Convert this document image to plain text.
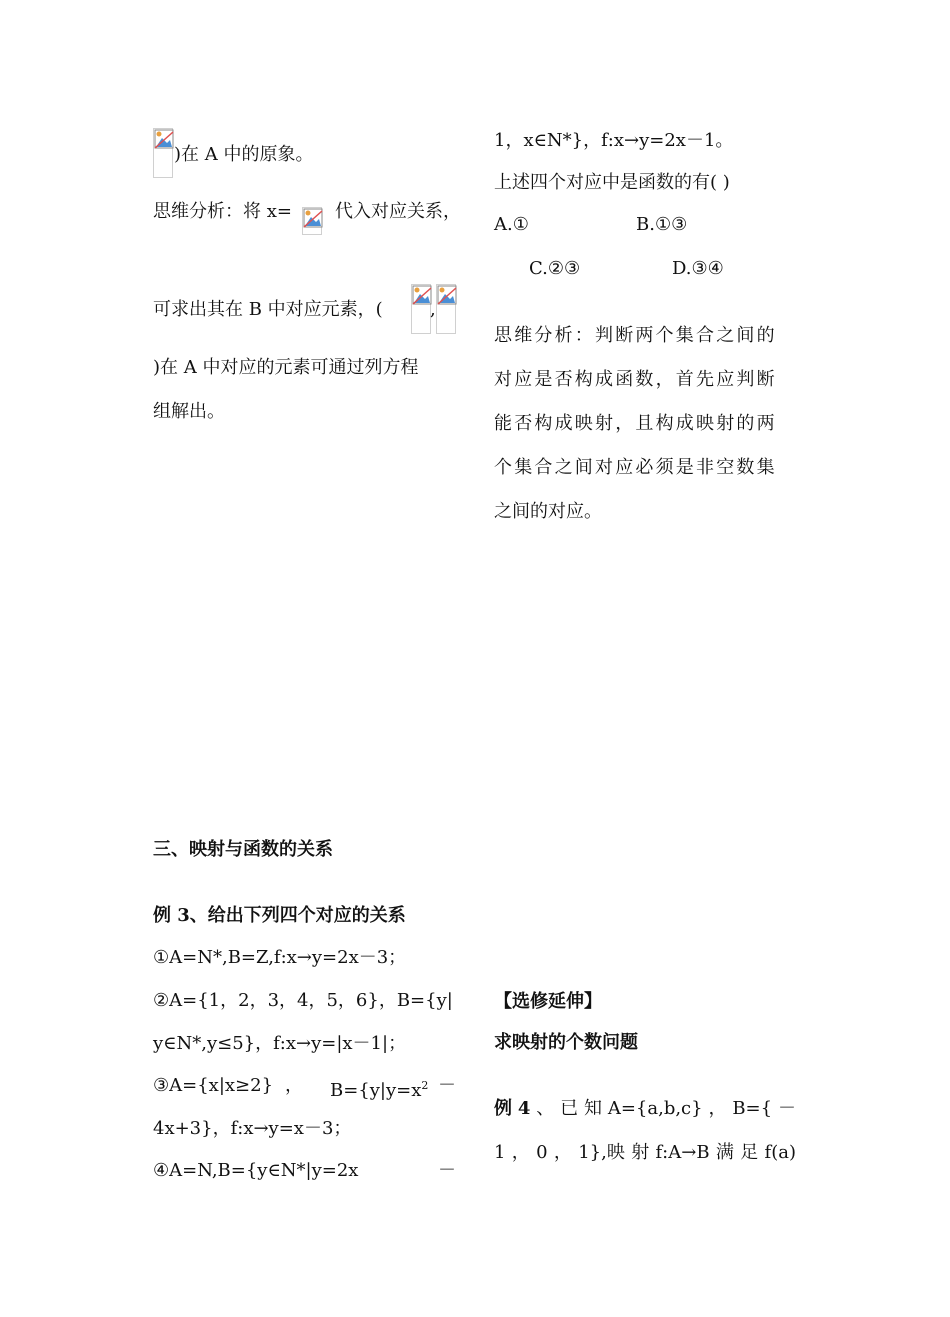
)在 A 中的原象。
思维分析：将 x= 代入对应关系，
可求出其在 B 中对应元素，(	,
)在 A 中对应的元素可通过列方程
组解出。
1，x∈N*}，f:x→y=2x－1。
上述四个对应中是函数的有( )
A.①	B.①③
C.②③	D.③④
思维分析：判断两个集合之间的
对应是否构成函数，首先应判断
能否构成映射，且构成映射的两
个集合之间对应必须是非空数集
之间的对应。
三、映射与函数的关系
例 3、给出下列四个对应的关系
①A=N*,B=Z,f:x→y=2x－3；
②A={1，2，3，4，5，6}，B={y|
y∈N*,y≤5}，f:x→y=|x－1|；
③A={x|x≥2} ， $B=\{y|y=x^2$ －
4x+3}，f:x→y=x－3；
④A=N,B={y∈N*|y=2x	－
【选修延伸】
求映射的个数问题
例 4 、 已 知 A={a,b,c} ， B={ －
1 ， 0 ， 1},映 射 f:A→B 满 足 f(a)
